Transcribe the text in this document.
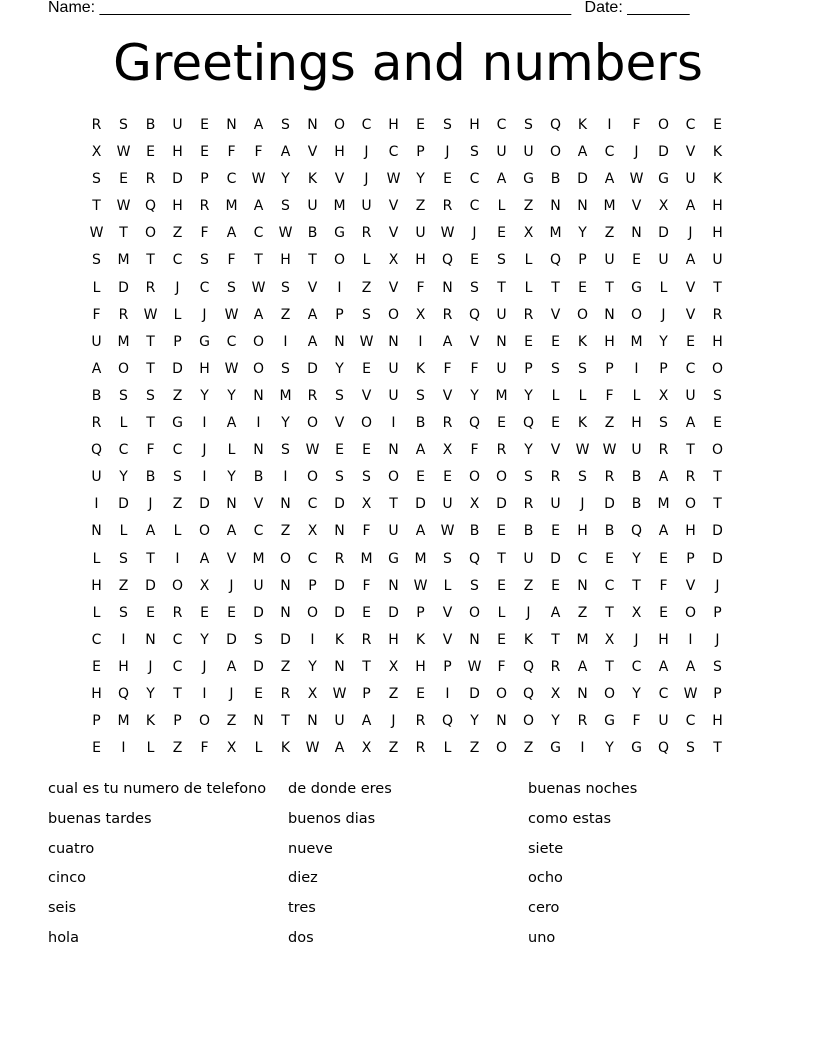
Name: _____________________________________________________ Date: _______
Greetings and numbers
R	S	B	U	E	N	A	S	N	O	C	H	E	S	H	C	S	Q	K	I	F	O	C	E
X	W	E	H	E	F	F	A	V	H	J	C	P	J	S	U	U	O	A	C	J	D	V	K
S	E	R	D	P	C	W	Y	K	V	J	W	Y	E	C	A	G	B	D	A	W	G	U	K
T	W	Q	H	R	M	A	S	U	M	U	V	Z	R	C	L	Z	N	N	M	V	X	A	H
W	T	O	Z	F	A	C	W	B	G	R	V	U	W	J	E	X	M	Y	Z	N	D	J	H
S	M	T	C	S	F	T	H	T	O	L	X	H	Q	E	S	L	Q	P	U	E	U	A	U
L	D	R	J	C	S	W	S	V	I	Z	V	F	N	S	T	L	T	E	T	G	L	V	T
F	R	W	L	J	W	A	Z	A	P	S	O	X	R	Q	U	R	V	O	N	O	J	V	R
U	M	T	P	G	C	O	I	A	N	W	N	I	A	V	N	E	E	K	H	M	Y	E	H
A	O	T	D	H	W	O	S	D	Y	E	U	K	F	F	U	P	S	S	P	I	P	C	O
B	S	S	Z	Y	Y	N	M	R	S	V	U	S	V	Y	M	Y	L	L	F	L	X	U	S
R	L	T	G	I	A	I	Y	O	V	O	I	B	R	Q	E	Q	E	K	Z	H	S	A	E
Q	C	F	C	J	L	N	S	W	E	E	N	A	X	F	R	Y	V	W W	U	R	T	O
U	Y	B	S	I	Y	B	I	O	S	S	O	E	E	O	O	S	R	S	R	B	A	R	T
I	D	J	Z	D	N	V	N	C	D	X	T	D	U	X	D	R	U	J	D	B	M	O	T
N	L	A	L	O	A	C	Z	X	N	F	U	A	W	B	E	B	E	H	B	Q	A	H	D
L	S	T	I	A	V	M	O	C	R	M	G	M	S	Q	T	U	D	C	E	Y	E	P	D
H	Z	D	O	X	J	U	N	P	D	F	N	W	L	S	E	Z	E	N	C	T	F	V	J
L	S	E	R	E	E	D	N	O	D	E	D	P	V	O	L	J	A	Z	T	X	E	O	P
C	I	N	C	Y	D	S	D	I	K	R	H	K	V	N	E	K	T	M	X	J	H	I	J
E	H	J	C	J	A	D	Z	Y	N	T	X	H	P	W	F	Q	R	A	T	C	A	A	S
H	Q	Y	T	I	J	E	R	X	W	P	Z	E	I	D	O	Q	X	N	O	Y	C	W	P
P	M	K	P	O	Z	N	T	N	U	A	J	R	Q	Y	N	O	Y	R	G	F	U	C	H
E	I	L	Z	F	X	L	K	W	A	X	Z	R	L	Z	O	Z	G	I	Y	G	Q	S	T
cual es tu numero de telefono	de donde eres	buenas noches
buenas tardes	buenos dias	como estas
cuatro	nueve	siete
cinco	diez	ocho
seis	tres	cero
hola	dos	uno
